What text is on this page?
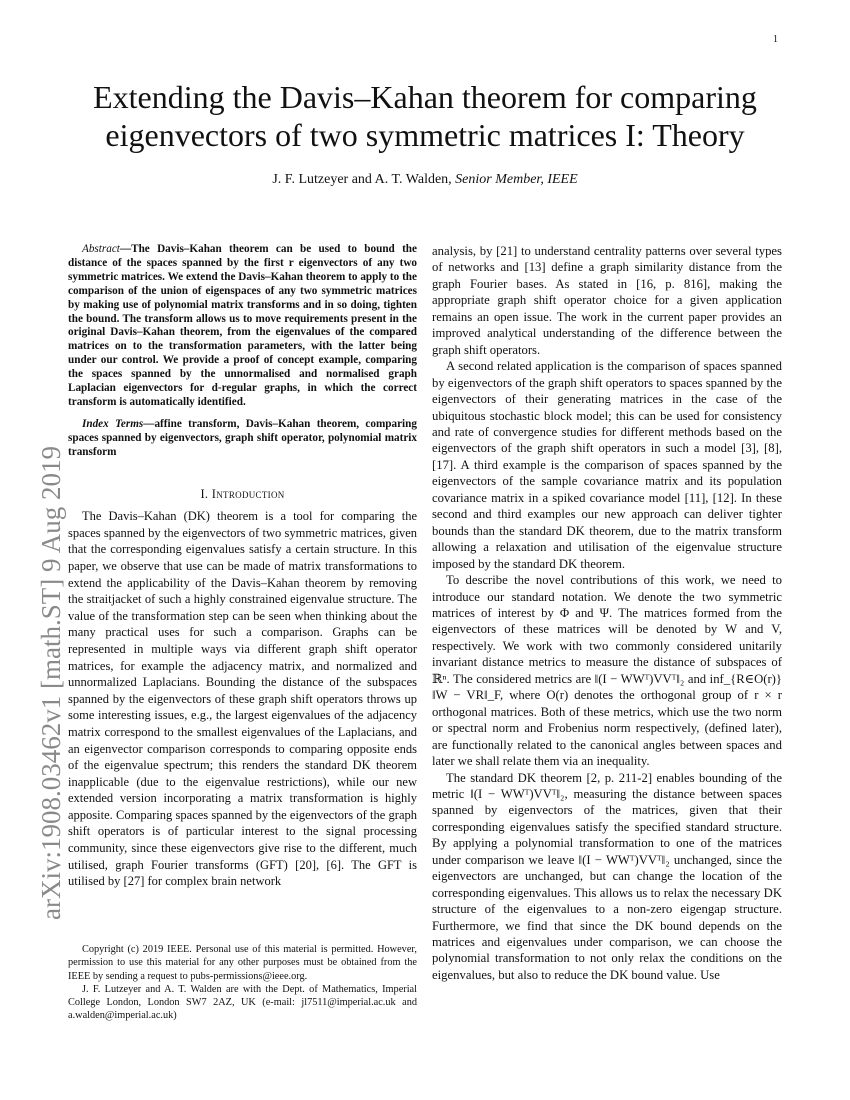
1
arXiv:1908.03462v1 [math.ST] 9 Aug 2019
Extending the Davis–Kahan theorem for comparing
eigenvectors of two symmetric matrices I: Theory
J. F. Lutzeyer and A. T. Walden, Senior Member, IEEE

Abstract—The Davis–Kahan theorem can be used to bound the distance of the spaces spanned by the first r eigenvectors of any two symmetric matrices. We extend the Davis–Kahan theorem to apply to the comparison of the union of eigenspaces of any two symmetric matrices by making use of polynomial matrix transforms and in so doing, tighten the bound. The transform allows us to move requirements present in the original Davis–Kahan theorem, from the eigenvalues of the compared matrices on to the transformation parameters, with the latter being under our control. We provide a proof of concept example, comparing the spaces spanned by the unnormalised and normalised graph Laplacian eigenvectors for d-regular graphs, in which the correct transform is automatically identified.

Index Terms—affine transform, Davis–Kahan theorem, comparing spaces spanned by eigenvectors, graph shift operator, polynomial matrix transform

I. Introduction

The Davis–Kahan (DK) theorem is a tool for comparing the spaces spanned by the eigenvectors of two symmetric matrices, given that the corresponding eigenvalues satisfy a certain structure. In this paper, we observe that use can be made of matrix transformations to extend the applicability of the Davis–Kahan theorem by removing the straitjacket of such a highly constrained eigenvalue structure. The value of the transformation step can be seen when thinking about the many practical uses for such a comparison. Graphs can be represented in multiple ways via different graph shift operator matrices, for example the adjacency matrix, and normalized and unnormalized Laplacians. Bounding the distance of the subspaces spanned by the eigenvectors of these graph shift operators throws up some interesting issues, e.g., the largest eigenvalues of the adjacency matrix correspond to the smallest eigenvalues of the Laplacians, and an eigenvector comparison corresponds to comparing opposite ends of the eigenvalue spectrum; this renders the standard DK theorem inapplicable (due to the eigenvalue restrictions), while our new extended version incorporating a matrix transformation is highly apposite. Comparing spaces spanned by the eigenvectors of the graph shift operators is of particular interest to the signal processing community, since these eigenvectors give rise to the different, much utilised, graph Fourier transforms (GFT) [20], [6]. The GFT is utilised by [27] for complex brain network

Copyright (c) 2019 IEEE. Personal use of this material is permitted. However, permission to use this material for any other purposes must be obtained from the IEEE by sending a request to pubs-permissions@ieee.org.

J. F. Lutzeyer and A. T. Walden are with the Dept. of Mathematics, Imperial College London, London SW7 2AZ, UK (e-mail: jl7511@imperial.ac.uk and a.walden@imperial.ac.uk)

analysis, by [21] to understand centrality patterns over several types of networks and [13] define a graph similarity distance from the graph Fourier bases. As stated in [16, p. 816], making the appropriate graph shift operator choice for a given application remains an open issue. The work in the current paper provides an improved analytical understanding of the difference between the graph shift operators.

A second related application is the comparison of spaces spanned by eigenvectors of the graph shift operators to spaces spanned by the eigenvectors of their generating matrices in the case of the ubiquitous stochastic block model; this can be used for consistency and rate of convergence studies for different methods based on the eigenvectors of the graph shift operators in such a model [3], [8], [17]. A third example is the comparison of spaces spanned by the eigenvectors of the sample covariance matrix and its population covariance matrix in a spiked covariance model [11], [12]. In these second and third examples our new approach can deliver tighter bounds than the standard DK theorem, due to the matrix transform allowing a relaxation and utilisation of the eigenvalue structure imposed by the standard DK theorem.

To describe the novel contributions of this work, we need to introduce our standard notation. We denote the two symmetric matrices of interest by Φ and Ψ. The matrices formed from the eigenvectors of these matrices will be denoted by W and V, respectively. We work with two commonly considered unitarily invariant distance metrics to measure the distance of subspaces of ℝⁿ. The considered metrics are ‖(I − WWᵀ)VVᵀ‖₂ and inf_{R∈O(r)} ‖W − VR‖_F, where O(r) denotes the orthogonal group of r × r orthogonal matrices. Both of these metrics, which use the two norm or spectral norm and Frobenius norm respectively, (defined later), are functionally related to the canonical angles between spaces and later we shall relate them via an inequality.

The standard DK theorem [2, p. 211-2] enables bounding of the metric ‖(I − WWᵀ)VVᵀ‖₂, measuring the distance between spaces spanned by eigenvectors of the matrices, given that their corresponding eigenvalues satisfy the specified standard structure. By applying a polynomial transformation to one of the matrices under comparison we leave ‖(I − WWᵀ)VVᵀ‖₂ unchanged, since the eigenvectors are unchanged, but can change the location of the corresponding eigenvalues. This allows us to relax the necessary DK structure of the eigenvalues to a non-zero eigengap structure. Furthermore, we find that since the DK bound depends on the matrices and eigenvalues under comparison, we can choose the polynomial transformation to not only relax the conditions on the eigenvalues, but also to reduce the DK bound value. Use
